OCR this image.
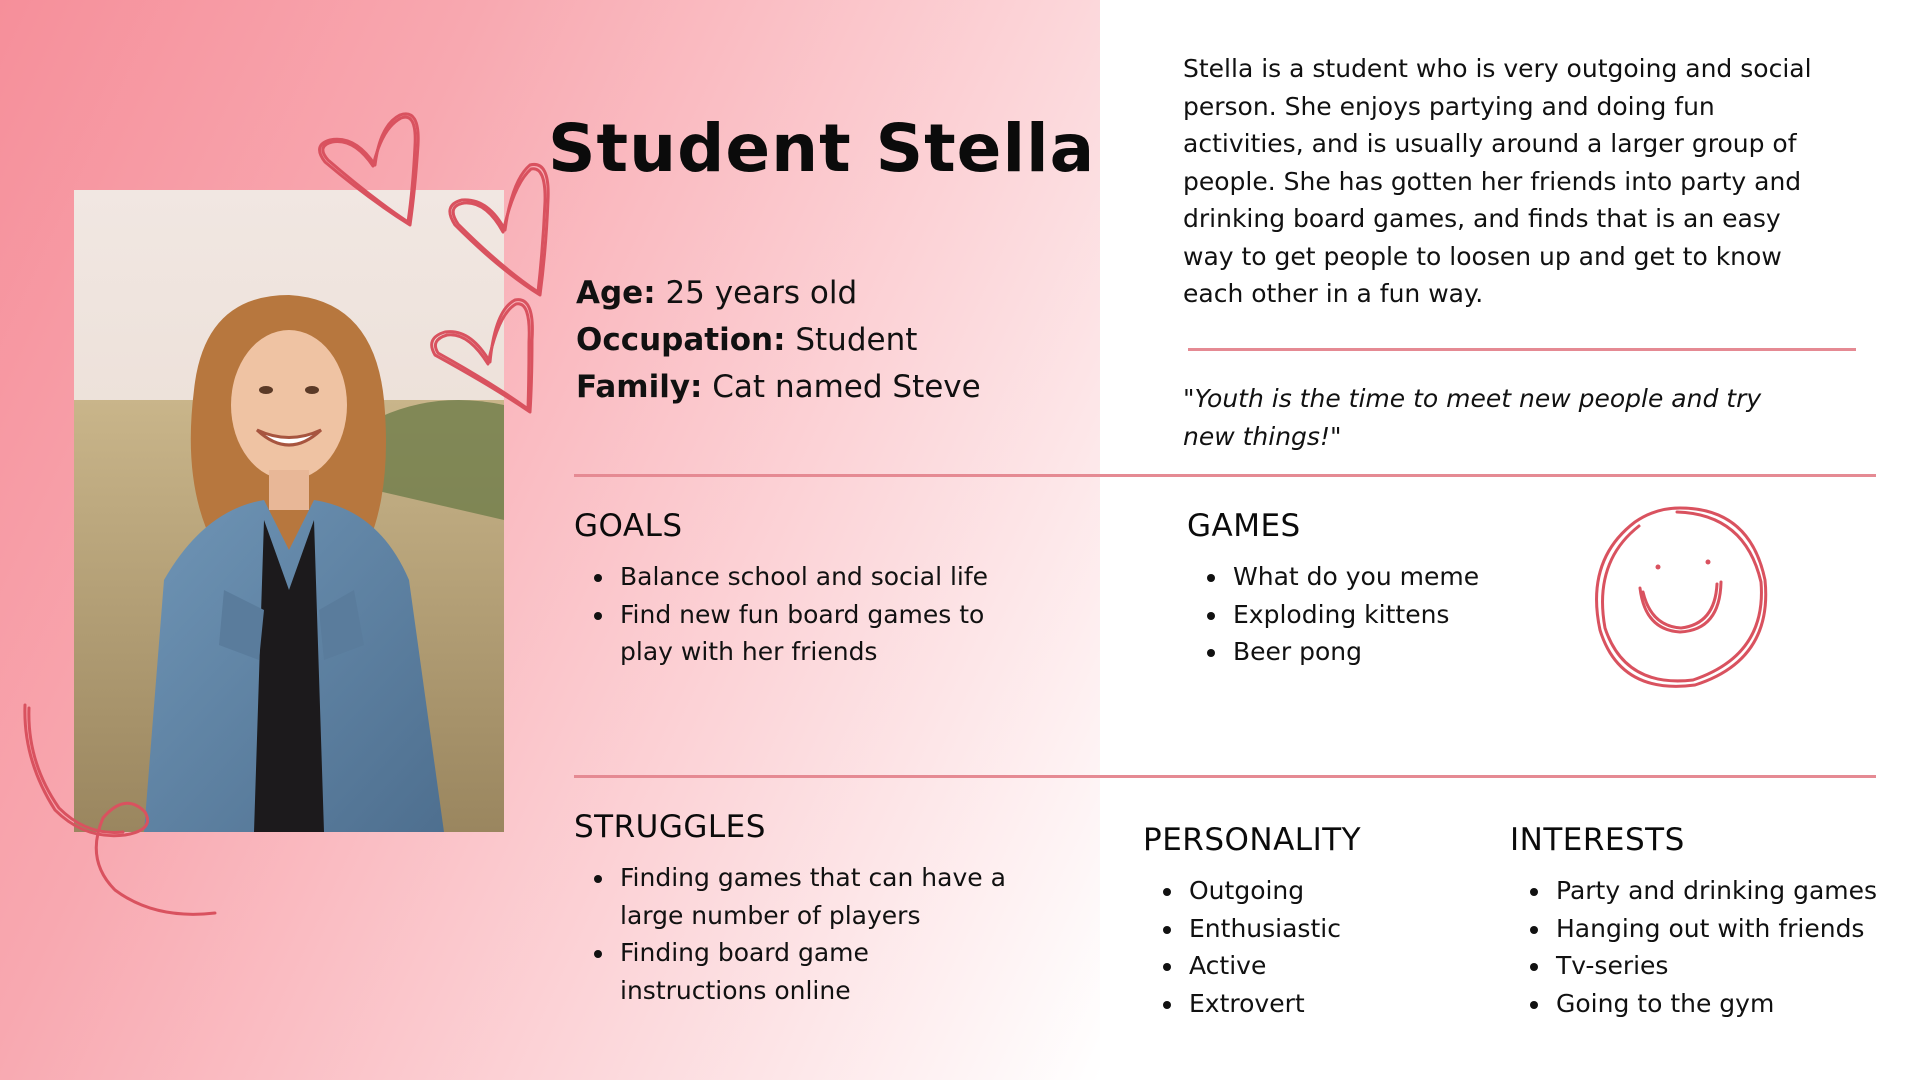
Student Stella
Age: 25 years old
Occupation: Student
Family: Cat named Steve
Stella is a student who is very outgoing and social person. She enjoys partying and doing fun activities, and is usually around a larger group of people. She has gotten her friends into party and drinking board games, and finds that is an easy way to get people to loosen up and get to know each other in a fun way.
"Youth is the time to meet new people and try new things!"
GOALS
Balance school and social life
Find new fun board games to play with her friends
GAMES
What do you meme
Exploding kittens
Beer pong
STRUGGLES
Finding games that can have a large number of players
Finding board game instructions online
PERSONALITY
Outgoing
Enthusiastic
Active
Extrovert
INTERESTS
Party and drinking games
Hanging out with friends
Tv-series
Going to the gym
